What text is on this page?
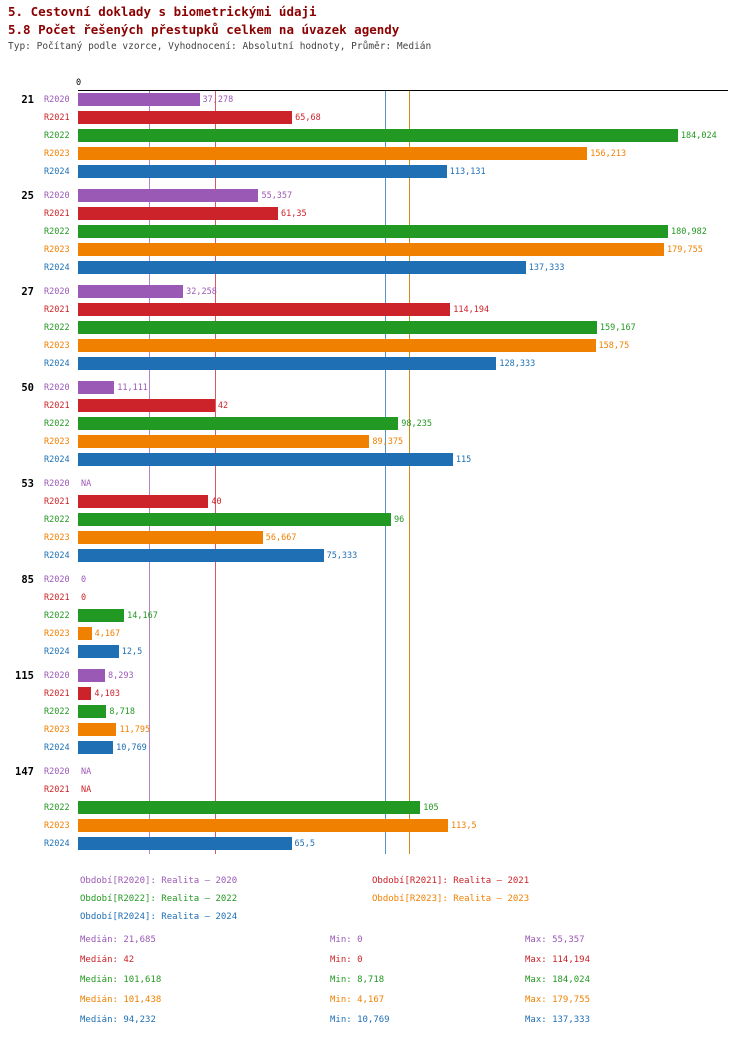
5. Cestovní doklady s biometrickými údaji
5.8 Počet řešených přestupků celkem na úvazek agendy
Typ: Počítaný podle vzorce, Vyhodnocení: Absolutní hodnoty, Průměr: Medián
0
21 R2020	37,278
R2021	65,68
R2022	184,024
R2023	156,213
R2024	113,131
25 R2020	55,357
R2021	61,35
R2022	180,982
R2023	179,755
R2024	137,333
27 R2020	32,258
R2021	114,194
R2022	159,167
R2023	158,75
R2024	128,333
50 R2020	11,111
R2021	42
R2022	98,235
R2023	89,375
R2024	115
53 R2020 NA
R2021	40
R2022	96
R2023	56,667
R2024	75,333
85 R2020 0
R2021 0
R2022	14,167
R2023	4,167
R2024	12,5
115 R2020	8,293
R2021	4,103
R2022	8,718
R2023	11,795
R2024	10,769
147 R2020 NA
R2021 NA
R2022	105
R2023	113,5
R2024	65,5
Období[R2020]: Realita – 2020	Období[R2021]: Realita – 2021
Období[R2022]: Realita – 2022	Období[R2023]: Realita – 2023
Období[R2024]: Realita – 2024
Medián: 21,685	Min: 0	Max: 55,357
Medián: 42	Min: 0	Max: 114,194
Medián: 101,618	Min: 8,718	Max: 184,024
Medián: 101,438	Min: 4,167	Max: 179,755
Medián: 94,232	Min: 10,769	Max: 137,333
